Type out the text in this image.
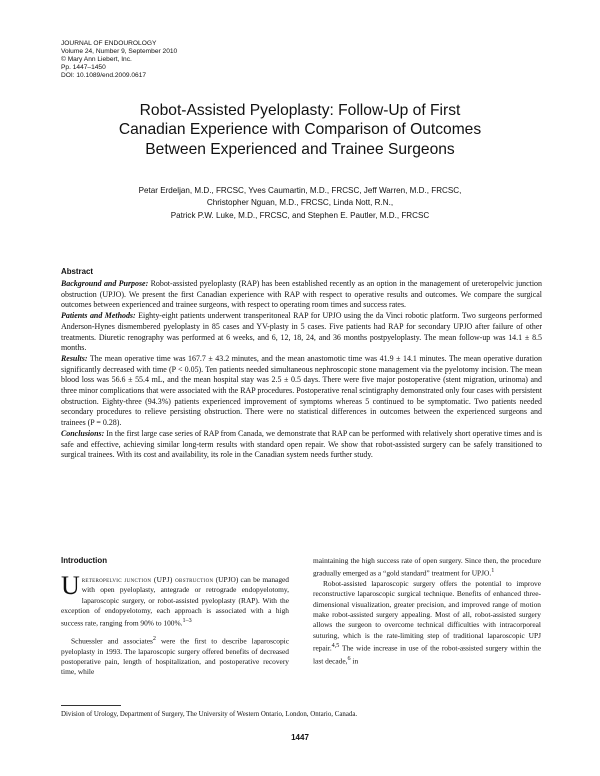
JOURNAL OF ENDOUROLOGY
Volume 24, Number 9, September 2010
© Mary Ann Liebert, Inc.
Pp. 1447–1450
DOI: 10.1089/end.2009.0617
Robot-Assisted Pyeloplasty: Follow-Up of First
Canadian Experience with Comparison of Outcomes
Between Experienced and Trainee Surgeons
Petar Erdeljan, M.D., FRCSC, Yves Caumartin, M.D., FRCSC, Jeff Warren, M.D., FRCSC,
Christopher Nguan, M.D., FRCSC, Linda Nott, R.N.,
Patrick P.W. Luke, M.D., FRCSC, and Stephen E. Pautler, M.D., FRCSC
Abstract

Background and Purpose: Robot-assisted pyeloplasty (RAP) has been established recently as an option in the management of ureteropelvic junction obstruction (UPJO). We present the first Canadian experience with RAP with respect to operative results and outcomes. We compare the surgical outcomes between experienced and trainee surgeons, with respect to operating room times and success rates.

Patients and Methods: Eighty-eight patients underwent transperitoneal RAP for UPJO using the da Vinci robotic platform. Two surgeons performed Anderson-Hynes dismembered pyeloplasty in 85 cases and YV-plasty in 5 cases. Five patients had RAP for secondary UPJO after failure of other treatments. Diuretic renography was performed at 6 weeks, and 6, 12, 18, 24, and 36 months postpyeloplasty. The mean follow-up was 14.1 ± 8.5 months.

Results: The mean operative time was 167.7 ± 43.2 minutes, and the mean anastomotic time was 41.9 ± 14.1 minutes. The mean operative duration significantly decreased with time (P < 0.05). Ten patients needed simultaneous nephroscopic stone management via the pyelotomy incision. The mean blood loss was 56.6 ± 55.4 mL, and the mean hospital stay was 2.5 ± 0.5 days. There were five major postoperative (stent migration, urinoma) and three minor complications that were associated with the RAP procedures. Postoperative renal scintigraphy demonstrated only four cases with persistent obstruction. Eighty-three (94.3%) patients experienced improvement of symptoms whereas 5 continued to be symptomatic. Two patients needed secondary procedures to relieve persisting obstruction. There were no statistical differences in outcomes between the experienced surgeons and trainees (P = 0.28).

Conclusions: In the first large case series of RAP from Canada, we demonstrate that RAP can be performed with relatively short operative times and is safe and effective, achieving similar long-term results with standard open repair. We show that robot-assisted surgery can be safely transitioned to surgical trainees. With its cost and availability, its role in the Canadian system needs further study.

Introduction

Ureteropelvic junction (UPJ) obstruction (UPJO) can be managed with open pyeloplasty, antegrade or retrograde endopyelotomy, laparoscopic surgery, or robot-assisted pyeloplasty (RAP). With the exception of endopyelotomy, each approach is associated with a high success rate, ranging from 90% to 100%.$^{1-3}$

Schuessler and associates$^2$ were the first to describe laparoscopic pyeloplasty in 1993. The laparoscopic surgery offered benefits of decreased postoperative pain, length of hospitalization, and postoperative recovery time, while

maintaining the high success rate of open surgery. Since then, the procedure gradually emerged as a “gold standard” treatment for UPJO.$^1$

Robot-assisted laparoscopic surgery offers the potential to improve reconstructive laparoscopic surgical technique. Benefits of enhanced three-dimensional visualization, greater precision, and improved range of motion make robot-assisted surgery appealing. Most of all, robot-assisted surgery allows the surgeon to overcome technical difficulties with intracorporeal suturing, which is the rate-limiting step of traditional laparoscopic UPJ repair.$^{4,5}$ The wide increase in use of the robot-assisted surgery within the last decade,$^6$ in

Division of Urology, Department of Surgery, The University of Western Ontario, London, Ontario, Canada.
1447
